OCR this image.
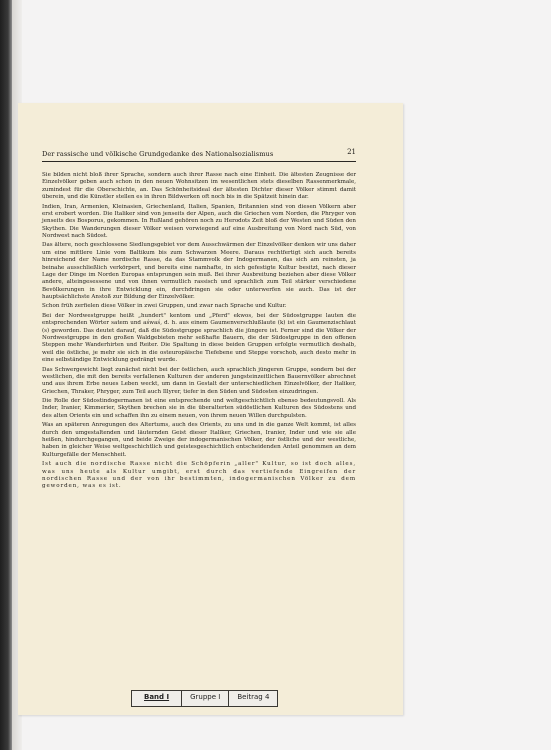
Der rassische und völkische Grundgedanke des Nationalsozialismus	21

Sie bilden nicht bloß ihrer Sprache, sondern auch ihrer Rasse nach eine Einheit. Die ältesten Zeugnisse der Einzelvölker geben auch schon in den neuen Wohnsitzen im wesentlichen stets dieselben Rassenmerkmale, zumindest für die Oberschichte, an. Das Schönheitsideal der ältesten Dichter dieser Völker stimmt damit überein, und die Künstler stellen es in ihren Bildwerken oft noch bis in die Spätzeit hinein dar.

Indien, Iran, Armenien, Kleinasien, Griechenland, Italien, Spanien, Britannien sind von diesen Völkern aber erst erobert worden. Die Italiker sind von jenseits der Alpen, auch die Griechen vom Norden, die Phryger von jenseits des Bosporus, gekommen. In Rußland gehören noch zu Herodots Zeit bloß der Westen und Süden den Skythen. Die Wanderungen dieser Völker weisen vorwiegend auf eine Ausbreitung von Nord nach Süd, von Nordwest nach Südost.

Das ältere, noch geschlossene Siedlungsgebiet vor dem Ausschwärmen der Einzelvölker denken wir uns daher um eine mittlere Linie vom Baltikum bis zum Schwarzen Meere. Daraus rechtfertigt sich auch bereits hinreichend der Name nordische Rasse, da das Stammvolk der Indogermanen, das sich am reinsten, ja beinahe ausschließlich verkörpert, und bereits eine namhafte, in sich gefestigte Kultur besitzt, nach dieser Lage der Dinge im Norden Europas entsprungen sein muß. Bei ihrer Ausbreitung beziehen aber diese Völker andere, alteingesessene und von ihnen vermutlich rassisch und sprachlich zum Teil stärker verschiedene Bevölkerungen in ihre Entwicklung ein, durchdringen sie oder unterwerfen sie auch. Das ist der hauptsächlichste Anstoß zur Bildung der Einzelvölker.

Schon früh zerfielen diese Völker in zwei Gruppen, und zwar nach Sprache und Kultur.

Bei der Nordwestgruppe heißt „hundert" kentom und „Pferd" ekwos, bei der Südostgruppe lauten die entsprechenden Wörter satem und aśwaś, d. h. aus einem Gaumenverschlußlaute (k) ist ein Gaumenzischlaut (s) geworden. Das deutet darauf, daß die Südostgruppe sprachlich die jüngere ist. Ferner sind die Völker der Nordwestgruppe in den großen Waldgebieten mehr seßhafte Bauern, die der Südostgruppe in den offenen Steppen mehr Wanderhirten und Reiter. Die Spaltung in diese beiden Gruppen erfolgte vermutlich deshalb, weil die östliche, je mehr sie sich in die osteuropäische Tiefebene und Steppe vorschob, auch desto mehr in eine selbständige Entwicklung gedrängt wurde.

Das Schwergewicht liegt zunächst nicht bei der östlichen, auch sprachlich jüngeren Gruppe, sondern bei der westlichen, die mit den bereits verfallenen Kulturen der anderen jungsteinzeitlichen Bauernvölker abrechnet und aus ihrem Erbe neues Leben weckt, um dann in Gestalt der unterschiedlichen Einzelvölker, der Italiker, Griechen, Thraker, Phryger, zum Teil auch Illyrer, tiefer in den Süden und Südosten einzudringen.

Die Rolle der Südostindogermanen ist eine entsprechende und weltgeschichtlich ebenso bedeutungsvoll. Als Inder, Iranier, Kimmerier, Skythen brechen sie in die überalterten südöstlichen Kulturen des Südostens und des alten Orients ein und schaffen ihn zu einem neuen, von ihrem neuen Willen durchpulsten.

Was an späteren Anregungen des Altertums, auch des Orients, zu uns und in die ganze Welt kommt, ist alles durch den umgestaltenden und läuternden Geist dieser Italiker, Griechen, Iranier, Inder und wie sie alle heißen, hindurchgegangen, und beide Zweige der indogermanischen Völker, der östliche und der westliche, haben in gleicher Weise weltgeschichtlich und geistesgeschichtlich entscheidenden Anteil genommen an dem Kulturgefälle der Menschheit.

Ist auch die nordische Rasse nicht die Schöpferin „aller" Kultur, so ist doch alles, was uns heute als Kultur umgibt, erst durch das vertiefende Eingreifen der nordischen Rasse und der von ihr bestimmten, indogermanischen Völker zu dem geworden, was es ist.

Band I	Gruppe I	Beitrag 4
